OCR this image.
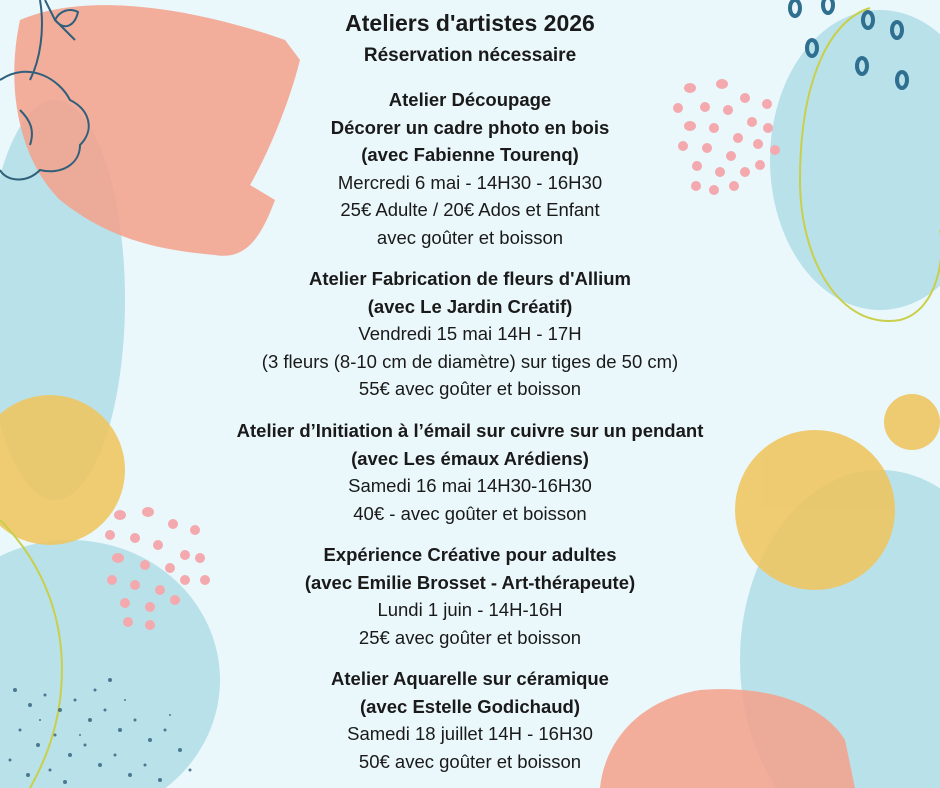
Ateliers d'artistes 2026
Réservation nécessaire
Atelier Découpage
Décorer un cadre photo en bois
(avec Fabienne Tourenq)
Mercredi 6 mai - 14H30 - 16H30
25€ Adulte / 20€ Ados et Enfant
avec goûter et boisson
Atelier Fabrication de fleurs d'Allium
(avec Le Jardin Créatif)
Vendredi 15 mai 14H - 17H
(3 fleurs (8-10 cm de diamètre) sur tiges de 50 cm)
55€ avec goûter et boisson
Atelier d’Initiation à l’émail sur cuivre sur un pendant
(avec Les émaux Arédiens)
Samedi 16 mai 14H30-16H30
40€ - avec goûter et boisson
Expérience Créative pour adultes
(avec Emilie Brosset - Art-thérapeute)
Lundi 1 juin - 14H-16H
25€ avec goûter et boisson
Atelier Aquarelle sur céramique
(avec Estelle Godichaud)
Samedi 18 juillet 14H - 16H30
50€ avec goûter et boisson
